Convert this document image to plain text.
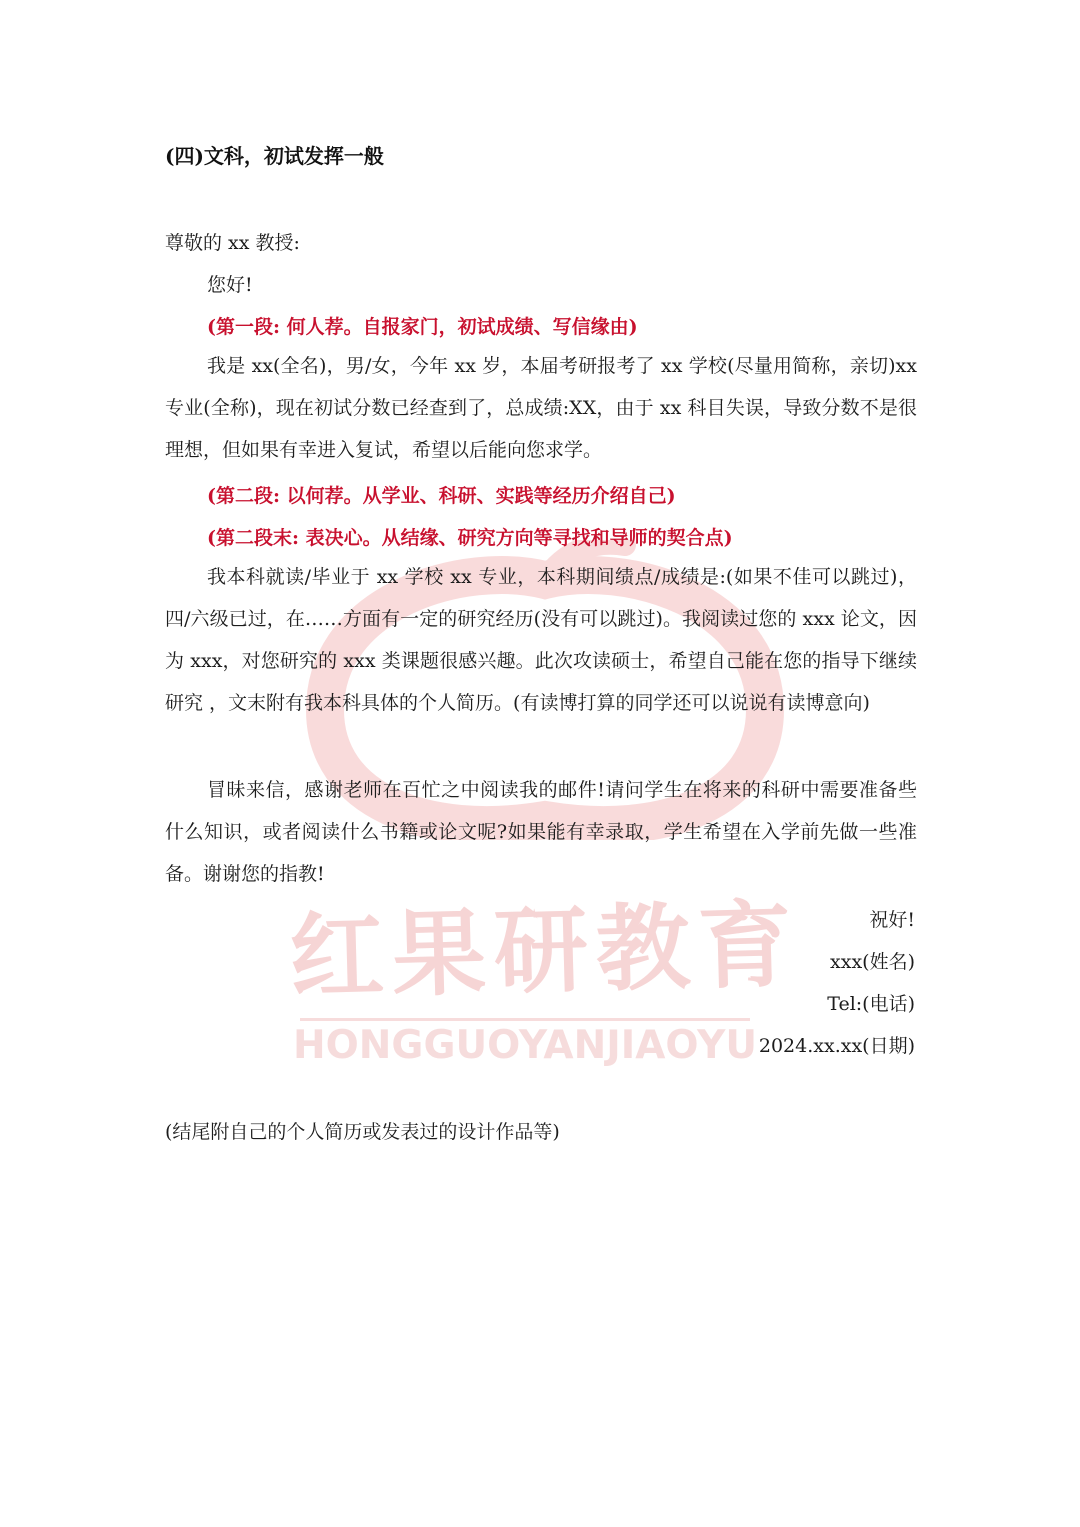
红果研教育
HONGGUOYANJIAOYU
(四)文科，初试发挥一般
尊敬的 xx 教授:
您好!
(第一段: 何人荐。自报家门，初试成绩、写信缘由)
我是 xx(全名)，男/女，今年 xx 岁，本届考研报考了 xx 学校(尽量用简称，亲切)xx 专业(全称)，现在初试分数已经查到了，总成绩:XX，由于 xx 科目失误，导致分数不是很理想，但如果有幸进入复试，希望以后能向您求学。
(第二段: 以何荐。从学业、科研、实践等经历介绍自己)
(第二段末: 表决心。从结缘、研究方向等寻找和导师的契合点)
我本科就读/毕业于 xx 学校 xx 专业，本科期间绩点/成绩是:(如果不佳可以跳过)，四/六级已过，在……方面有一定的研究经历(没有可以跳过)。我阅读过您的 xxx 论文，因为 xxx，对您研究的 xxx 类课题很感兴趣。此次攻读硕士，希望自己能在您的指导下继续研究 ，文末附有我本科具体的个人简历。(有读博打算的同学还可以说说有读博意向)
冒昧来信，感谢老师在百忙之中阅读我的邮件!请问学生在将来的科研中需要准备些什么知识，或者阅读什么书籍或论文呢?如果能有幸录取，学生希望在入学前先做一些准备。谢谢您的指教!
祝好!
xxx(姓名)
Tel:(电话)
2024.xx.xx(日期)
(结尾附自己的个人简历或发表过的设计作品等)
